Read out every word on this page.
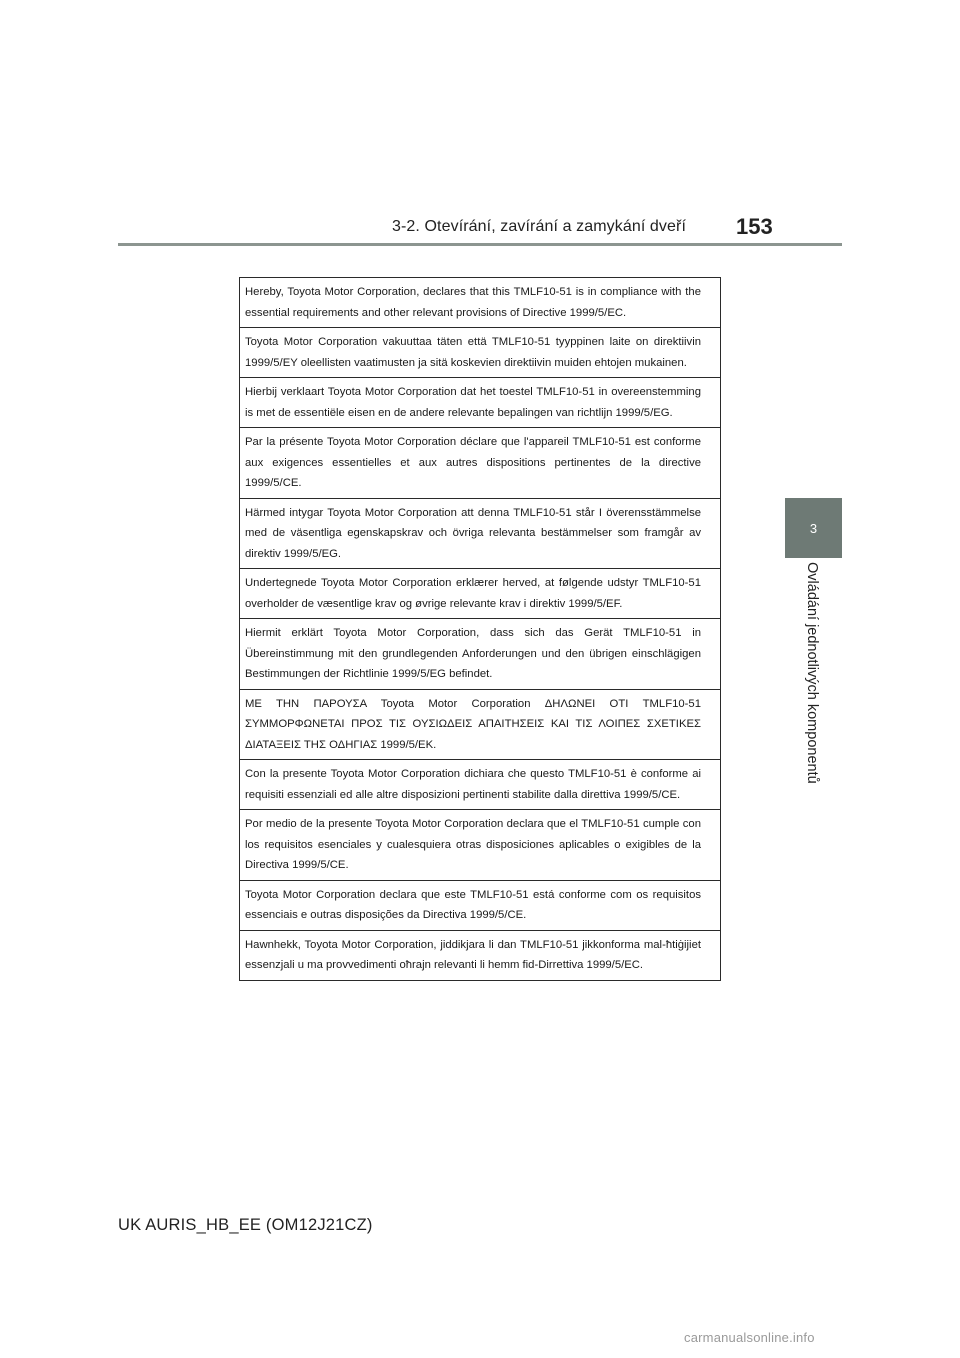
3-2. Otevírání, zavírání a zamykání dveří 153
3
Ovládání jednotlivých komponentů
Hereby, Toyota Motor Corporation, declares that this TMLF10-51 is in compliance with the essential requirements and other relevant provisions of Directive 1999/5/EC.
Toyota Motor Corporation vakuuttaa täten että TMLF10-51 tyyppinen laite on direktiivin 1999/5/EY oleellisten vaatimusten ja sitä koskevien direktiivin muiden ehtojen mukainen.
Hierbij verklaart Toyota Motor Corporation dat het toestel TMLF10-51 in overeenstemming is met de essentiële eisen en de andere relevante bepalingen van richtlijn 1999/5/EG.
Par la présente Toyota Motor Corporation déclare que l'appareil TMLF10-51 est conforme aux exigences essentielles et aux autres dispositions pertinentes de la directive 1999/5/CE.
Härmed intygar Toyota Motor Corporation att denna TMLF10-51 står I överensstämmelse med de väsentliga egenskapskrav och övriga relevanta bestämmelser som framgår av direktiv 1999/5/EG.
Undertegnede Toyota Motor Corporation erklærer herved, at følgende udstyr TMLF10-51 overholder de væsentlige krav og øvrige relevante krav i direktiv 1999/5/EF.
Hiermit erklärt Toyota Motor Corporation, dass sich das Gerät TMLF10-51 in Übereinstimmung mit den grundlegenden Anforderungen und den übrigen einschlägigen Bestimmungen der Richtlinie 1999/5/EG befindet.
ΜΕ ΤΗΝ ΠΑΡΟΥΣΑ Toyota Motor Corporation ΔΗΛΩΝΕΙ ΟΤΙ TMLF10-51 ΣΥΜΜΟΡΦΩΝΕΤΑΙ ΠΡΟΣ ΤΙΣ ΟΥΣΙΩΔΕΙΣ ΑΠΑΙΤΗΣΕΙΣ ΚΑΙ ΤΙΣ ΛΟΙΠΕΣ ΣΧΕΤΙΚΕΣ ΔΙΑΤΑΞΕΙΣ ΤΗΣ ΟΔΗΓΙΑΣ 1999/5/ΕΚ.
Con la presente Toyota Motor Corporation dichiara che questo TMLF10-51 è conforme ai requisiti essenziali ed alle altre disposizioni pertinenti stabilite dalla direttiva 1999/5/CE.
Por medio de la presente Toyota Motor Corporation declara que el TMLF10-51 cumple con los requisitos esenciales y cualesquiera otras disposiciones aplicables o exigibles de la Directiva 1999/5/CE.
Toyota Motor Corporation declara que este TMLF10-51 está conforme com os requisitos essenciais e outras disposições da Directiva 1999/5/CE.
Hawnhekk, Toyota Motor Corporation, jiddikjara li dan TMLF10-51 jikkonforma mal-ħtiġijiet essenzjali u ma provvedimenti oħrajn relevanti li hemm fid-Dirrettiva 1999/5/EC.
UK AURIS_HB_EE (OM12J21CZ)
carmanualsonline.info
